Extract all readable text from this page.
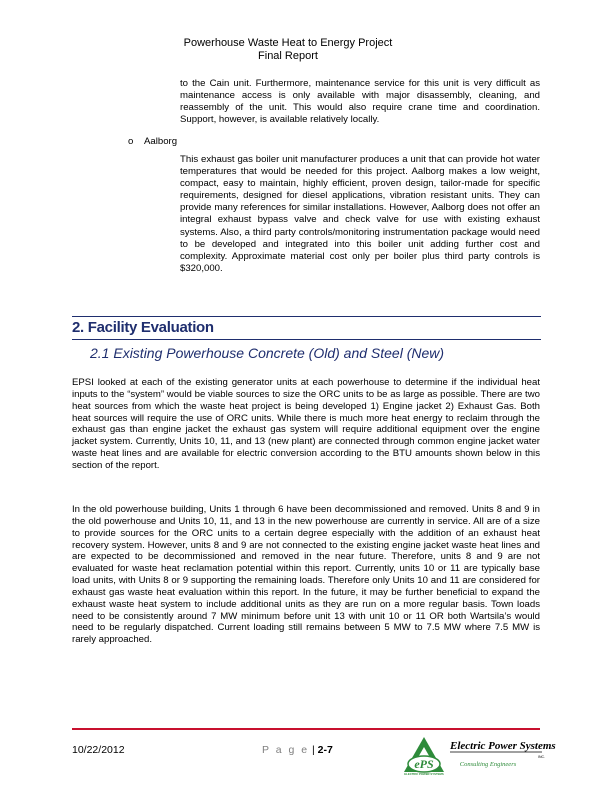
Powerhouse Waste Heat to Energy Project
Final Report
to the Cain unit. Furthermore, maintenance service for this unit is very difficult as maintenance access is only available with major disassembly, cleaning, and reassembly of the unit. This would also require crane time and coordination. Support, however, is available relatively locally.
o Aalborg
This exhaust gas boiler unit manufacturer produces a unit that can provide hot water temperatures that would be needed for this project. Aalborg makes a low weight, compact, easy to maintain, highly efficient, proven design, tailor-made for specific requirements, designed for diesel applications, vibration resistant units. They can provide many references for similar installations. However, Aalborg does not offer an integral exhaust bypass valve and check valve for use with existing exhaust systems. Also, a third party controls/monitoring instrumentation package would need to be developed and integrated into this boiler unit adding further cost and complexity. Approximate material cost only per boiler plus third party controls is $320,000.
2. Facility Evaluation
2.1 Existing Powerhouse Concrete (Old) and Steel (New)
EPSI looked at each of the existing generator units at each powerhouse to determine if the individual heat inputs to the “system” would be viable sources to size the ORC units to be as large as possible. There are two heat sources from which the waste heat project is being developed 1) Engine jacket 2) Exhaust Gas. Both heat sources will require the use of ORC units. While there is much more heat energy to reclaim through the exhaust gas than engine jacket the exhaust gas system will require additional equipment over the engine jacket system. Currently, Units 10, 11, and 13 (new plant) are connected through common engine jacket water waste heat lines and are available for electric conversion according to the BTU amounts shown below in this section of the report.
In the old powerhouse building, Units 1 through 6 have been decommissioned and removed. Units 8 and 9 in the old powerhouse and Units 10, 11, and 13 in the new powerhouse are currently in service. All are of a size to provide sources for the ORC units to a certain degree especially with the addition of an exhaust heat recovery system. However, units 8 and 9 are not connected to the existing engine jacket waste heat lines and are expected to be decommissioned and removed in the near future. Therefore, units 8 and 9 are not evaluated for waste heat reclamation potential within this report. Currently, units 10 or 11 are typically base load units, with Units 8 or 9 supporting the remaining loads. Therefore only Units 10 and 11 are considered for exhaust gas waste heat evaluation within this report. In the future, it may be further beneficial to expand the exhaust waste heat system to include additional units as they are run on a more regular basis. Town loads need to be consistently around 7 MW minimum before unit 13 with unit 10 or 11 OR both Wartsila’s would need to be regularly dispatched. Current loading still remains between 5 MW to 7.5 MW where 7.5 MW is rarely approached.
10/22/2012	P a g e | 2-7
ePS
ELECTRIC POWER SYSTEMS
Electric Power Systems
INC.
Consulting Engineers
